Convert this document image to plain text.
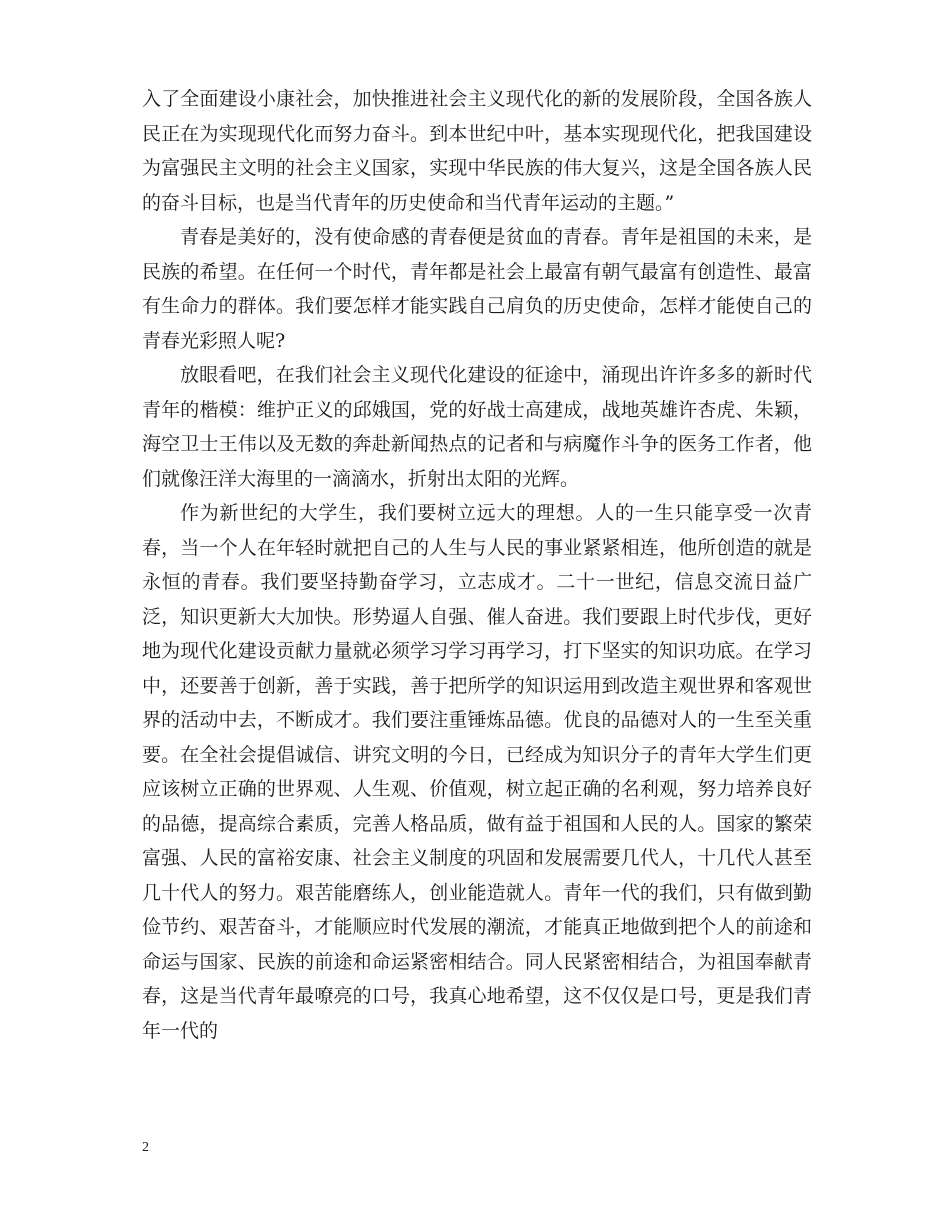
入了全面建设小康社会，加快推进社会主义现代化的新的发展阶段，全国各族人民正在为实现现代化而努力奋斗。到本世纪中叶，基本实现现代化，把我国建设为富强民主文明的社会主义国家，实现中华民族的伟大复兴，这是全国各族人民的奋斗目标，也是当代青年的历史使命和当代青年运动的主题。”

青春是美好的，没有使命感的青春便是贫血的青春。青年是祖国的未来，是民族的希望。在任何一个时代，青年都是社会上最富有朝气最富有创造性、最富有生命力的群体。我们要怎样才能实践自己肩负的历史使命，怎样才能使自己的青春光彩照人呢?

放眼看吧，在我们社会主义现代化建设的征途中，涌现出许许多多的新时代青年的楷模：维护正义的邱娥国，党的好战士高建成，战地英雄许杏虎、朱颖，海空卫士王伟以及无数的奔赴新闻热点的记者和与病魔作斗争的医务工作者，他们就像汪洋大海里的一滴滴水，折射出太阳的光辉。

作为新世纪的大学生，我们要树立远大的理想。人的一生只能享受一次青春，当一个人在年轻时就把自己的人生与人民的事业紧紧相连，他所创造的就是永恒的青春。我们要坚持勤奋学习，立志成才。二十一世纪，信息交流日益广泛，知识更新大大加快。形势逼人自强、催人奋进。我们要跟上时代步伐，更好地为现代化建设贡献力量就必须学习学习再学习，打下坚实的知识功底。在学习中，还要善于创新，善于实践，善于把所学的知识运用到改造主观世界和客观世界的活动中去，不断成才。我们要注重锤炼品德。优良的品德对人的一生至关重要。在全社会提倡诚信、讲究文明的今日，已经成为知识分子的青年大学生们更应该树立正确的世界观、人生观、价值观，树立起正确的名利观，努力培养良好的品德，提高综合素质，完善人格品质，做有益于祖国和人民的人。国家的繁荣富强、人民的富裕安康、社会主义制度的巩固和发展需要几代人，十几代人甚至几十代人的努力。艰苦能磨练人，创业能造就人。青年一代的我们，只有做到勤俭节约、艰苦奋斗，才能顺应时代发展的潮流，才能真正地做到把个人的前途和命运与国家、民族的前途和命运紧密相结合。同人民紧密相结合，为祖国奉献青春，这是当代青年最嘹亮的口号，我真心地希望，这不仅仅是口号，更是我们青年一代的

2
